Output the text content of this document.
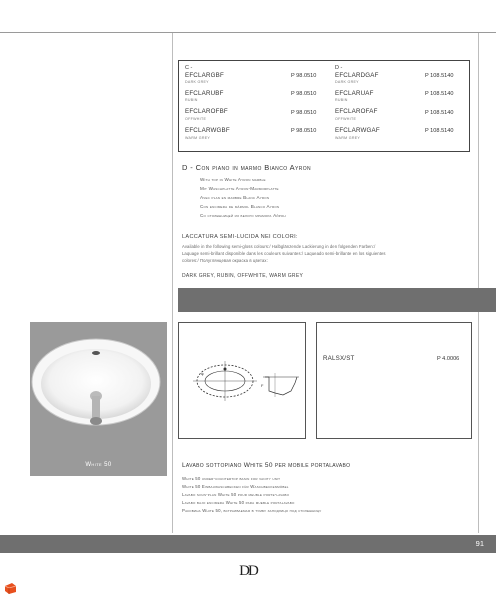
C -	D -
EFCLARGBF
DARK GREY
P 98.0510
EFCLARUBF
RUBIN
P 98.0510
EFCLAROFBF
OFFWHITE
P 98.0510
EFCLARWGBF
WARM GREY
P 98.0510
EFCLARDGAF
DARK GREY
P 108.5140
EFCLARUAF
RUBIN
P 108.5140
EFCLAROFAF
OFFWHITE
P 108.5140
EFCLARWGAF
WARM GREY
P 108.5140
D - Con piano in marmo Bianco Ayron
With top in White Ayron marble
Mit Waschplatte Ayron-Marmorplatte
Avec plan en marbre Blanc Ayron
Con encimera de mármol Blanco Ayron
Со столешницей из белого мрамора Айрон
LACCATURA SEMI-LUCIDA NEI COLORI:
Available in the following semi-gloss colours:/ Halbglänzende Lackierung in den folgenden Farben:/
Laquage semi-brillant disponible dans les couleurs suivantes:/ Laqueado semi-brillante en los siguientes
colores:/ Полуглянцевая окраска в цветах:
DARK GREY, RUBIN, OFFWHITE, WARM GREY
White 50
φ
F
RALSX/ST	P 4.0006
Lavabo sottopiano White 50 per mobile portalavabo
White 50 under-countertop basin for vanity unit
White 50 Einbauwaschbecken für Waschbeckenmöbel
Lavabo sous-plan White 50 pour meuble porte-lavabo
Lavabo bajo encimera White 50 para mueble portalavabo
Раковина White 50, встраиваемая в тумбу заподлицо под столешницу
91
DD
